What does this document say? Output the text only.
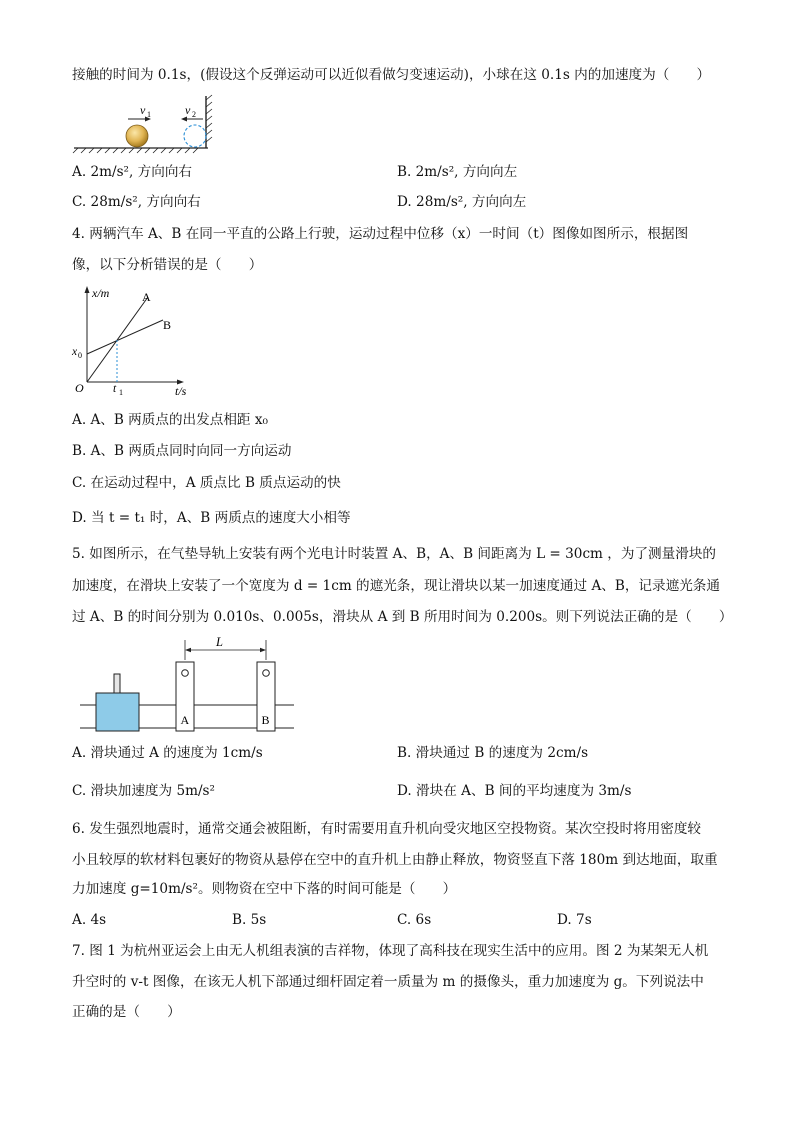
接触的时间为 0.1s，(假设这个反弹运动可以近似看做匀变速运动)，小球在这 0.1s 内的加速度为（　　）
v 1	v 2
A. 2m/s², 方向向右	B. 2m/s², 方向向左
C. 28m/s², 方向向右	D. 28m/s², 方向向左
4. 两辆汽车 A、B 在同一平直的公路上行驶，运动过程中位移（x）一时间（t）图像如图所示，根据图
像，以下分析错误的是（　　）
x/m
t/s
O
x 0
t 1
A
B
A. A、B 两质点的出发点相距 x₀
B. A、B 两质点同时向同一方向运动
C. 在运动过程中，A 质点比 B 质点运动的快
D. 当 t = t₁ 时，A、B 两质点的速度大小相等
5. 如图所示，在气垫导轨上安装有两个光电计时装置 A、B，A、B 间距离为 L = 30cm ，为了测量滑块的
加速度，在滑块上安装了一个宽度为 d = 1cm 的遮光条，现让滑块以某一加速度通过 A、B，记录遮光条通
过 A、B 的时间分别为 0.010s、0.005s，滑块从 A 到 B 所用时间为 0.200s。则下列说法正确的是（　　）
A	B
L
A. 滑块通过 A 的速度为 1cm/s	B. 滑块通过 B 的速度为 2cm/s
C. 滑块加速度为 5m/s²	D. 滑块在 A、B 间的平均速度为 3m/s
6. 发生强烈地震时，通常交通会被阻断，有时需要用直升机向受灾地区空投物资。某次空投时将用密度较
小且较厚的软材料包裹好的物资从悬停在空中的直升机上由静止释放，物资竖直下落 180m 到达地面，取重
力加速度 g=10m/s²。则物资在空中下落的时间可能是（　　）
A. 4s	B. 5s	C. 6s	D. 7s
7. 图 1 为杭州亚运会上由无人机组表演的吉祥物，体现了高科技在现实生活中的应用。图 2 为某架无人机
升空时的 v-t 图像，在该无人机下部通过细杆固定着一质量为 m 的摄像头，重力加速度为 g。下列说法中
正确的是（　　）
